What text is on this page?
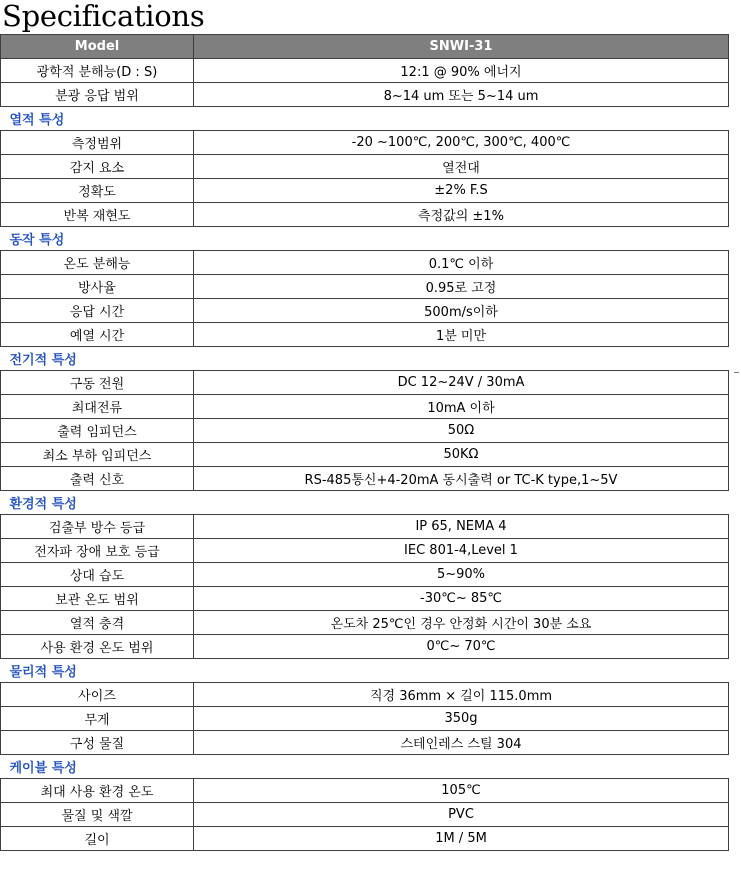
Specifications
Model	SNWI-31
광학적 분해능(D : S)	12:1 @ 90% 에너지
분광 응답 범위	8~14 um 또는 5~14 um
열적 특성	
측정범위	-20 ~100℃, 200℃, 300℃, 400℃
감지 요소	열전대
정확도	±2% F.S
반복 재현도	측정값의 ±1%
동작 특성	
온도 분해능	0.1℃ 이하
방사율	0.95로 고정
응답 시간	500m/s이하
예열 시간	1분 미만
전기적 특성	
구동 전원	DC 12~24V / 30mA
최대전류	10mA 이하
출력 임피던스	50Ω
최소 부하 임피던스	50KΩ
출력 신호	RS-485통신+4-20mA 동시출력 or TC-K type,1~5V
환경적 특성	
검출부 방수 등급	IP 65, NEMA 4
전자파 장애 보호 등급	IEC 801-4,Level 1
상대 습도	5~90%
보관 온도 범위	-30℃~ 85℃
열적 충격	온도차 25℃인 경우 안정화 시간이 30분 소요
사용 환경 온도 범위	0℃~ 70℃
물리적 특성	
사이즈	직경 36mm × 길이 115.0mm
무게	350g
구성 물질	스테인레스 스틸 304
케이블 특성	
최대 사용 환경 온도	105℃
물질 및 색깔	PVC
길이	1M / 5M
